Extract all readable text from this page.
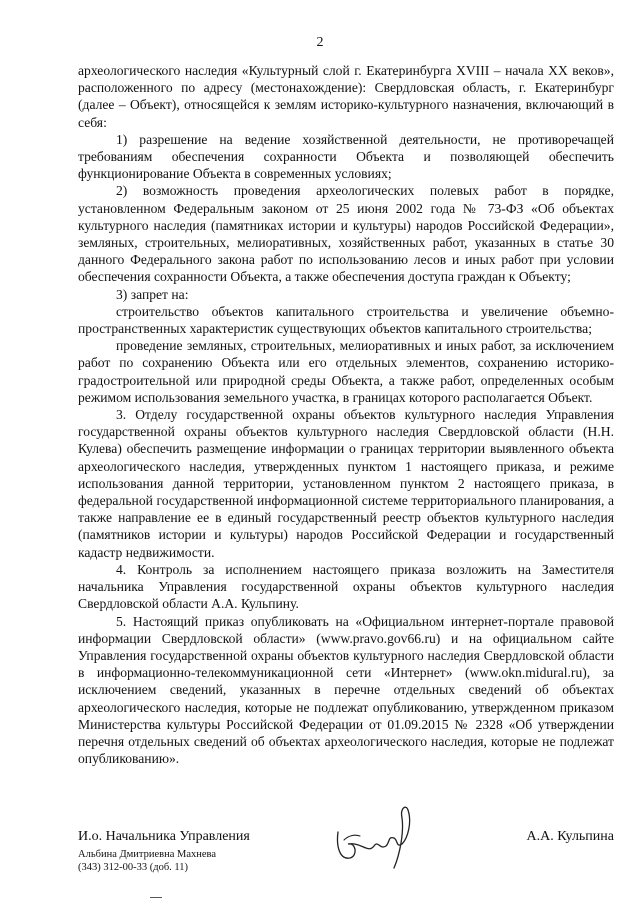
2

археологического наследия «Культурный слой г. Екатеринбурга XVIII – начала XX веков», расположенного по адресу (местонахождение): Свердловская область, г. Екатеринбург (далее – Объект), относящейся к землям историко-культурного назначения, включающий в себя:

1) разрешение на ведение хозяйственной деятельности, не противоречащей требованиям обеспечения сохранности Объекта и позволяющей обеспечить функционирование Объекта в современных условиях;

2) возможность проведения археологических полевых работ в порядке, установленном Федеральным законом от 25 июня 2002 года № 73-ФЗ «Об объектах культурного наследия (памятниках истории и культуры) народов Российской Федерации», земляных, строительных, мелиоративных, хозяйственных работ, указанных в статье 30 данного Федерального закона работ по использованию лесов и иных работ при условии обеспечения сохранности Объекта, а также обеспечения доступа граждан к Объекту;

3) запрет на:

строительство объектов капитального строительства и увеличение объемно-пространственных характеристик существующих объектов капитального строительства;

проведение земляных, строительных, мелиоративных и иных работ, за исключением работ по сохранению Объекта или его отдельных элементов, сохранению историко-градостроительной или природной среды Объекта, а также работ, определенных особым режимом использования земельного участка, в границах которого располагается Объект.

3. Отделу государственной охраны объектов культурного наследия Управления государственной охраны объектов культурного наследия Свердловской области (Н.Н. Кулева) обеспечить размещение информации о границах территории выявленного объекта археологического наследия, утвержденных пунктом 1 настоящего приказа, и режиме использования данной территории, установленном пунктом 2 настоящего приказа, в федеральной государственной информационной системе территориального планирования, а также направление ее в единый государственный реестр объектов культурного наследия (памятников истории и культуры) народов Российской Федерации и государственный кадастр недвижимости.

4. Контроль за исполнением настоящего приказа возложить на Заместителя начальника Управления государственной охраны объектов культурного наследия Свердловской области А.А. Кульпину.

5. Настоящий приказ опубликовать на «Официальном интернет-портале правовой информации Свердловской области» (www.pravo.gov66.ru) и на официальном сайте Управления государственной охраны объектов культурного наследия Свердловской области в информационно-телекоммуникационной сети «Интернет» (www.okn.midural.ru), за исключением сведений, указанных в перечне отдельных сведений об объектах археологического наследия, которые не подлежат опубликованию, утвержденном приказом Министерства культуры Российской Федерации от 01.09.2015 № 2328 «Об утверждении перечня отдельных сведений об объектах археологического наследия, которые не подлежат опубликованию».

И.о. Начальника Управления	А.А. Кульпина
Альбина Дмитриевна Махнева
(343) 312-00-33 (доб. 11)
